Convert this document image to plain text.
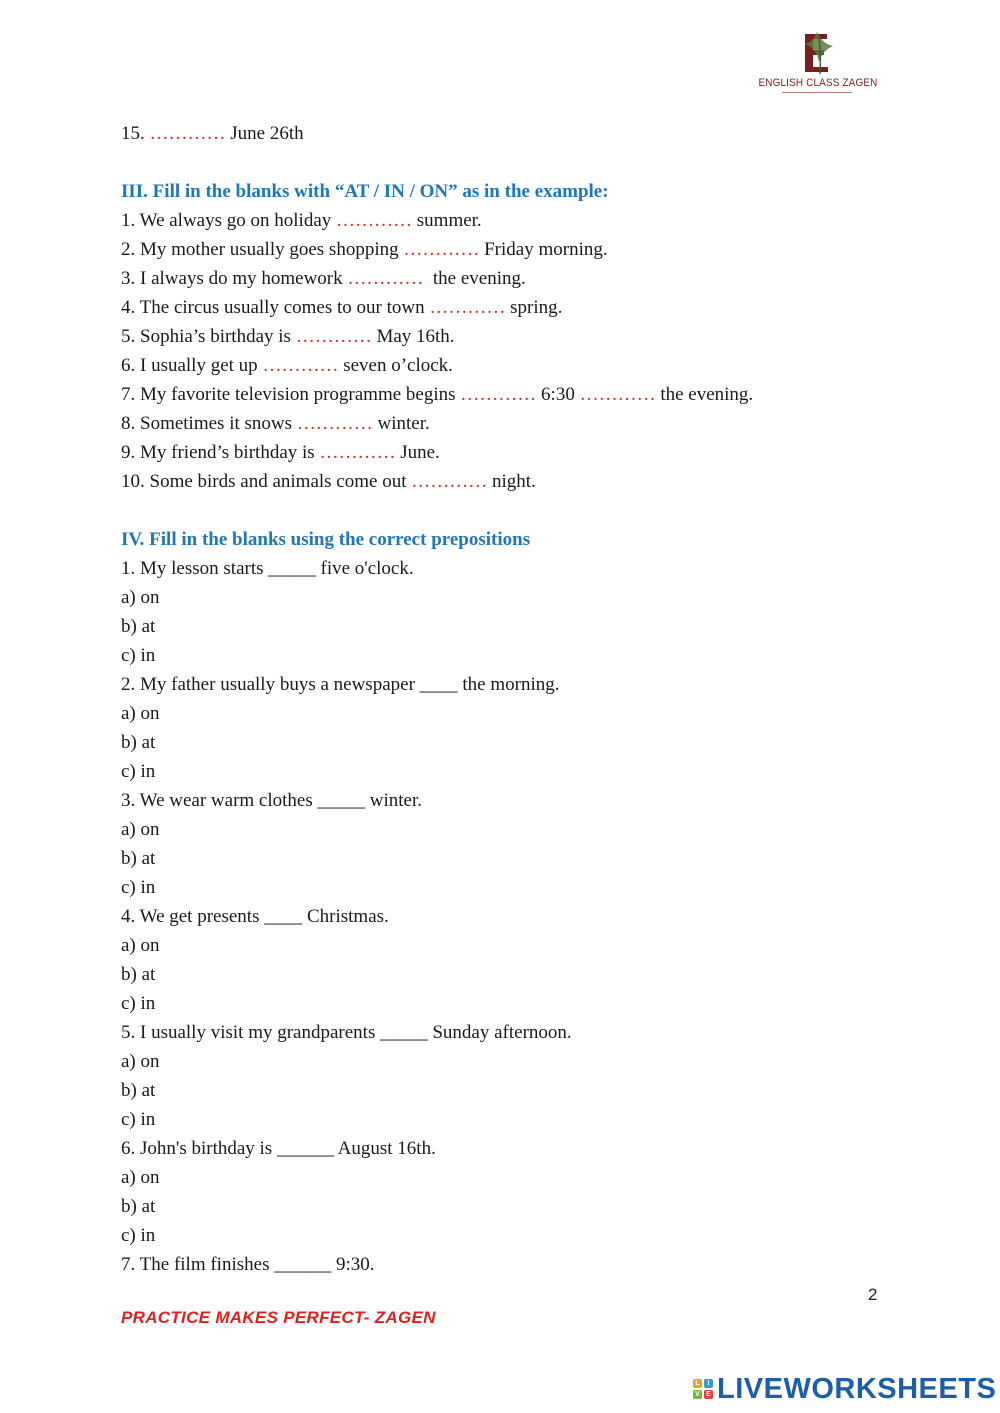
ENGLISH CLASS ZAGEN
15. ………… June 26th
III. Fill in the blanks with “AT / IN / ON” as in the example:
1. We always go on holiday ………… summer.
2. My mother usually goes shopping ………… Friday morning.
3. I always do my homework …………  the evening.
4. The circus usually comes to our town ………… spring.
5. Sophia’s birthday is ………… May 16th.
6. I usually get up ………… seven o’clock.
7. My favorite television programme begins ………… 6:30 ………… the evening.
8. Sometimes it snows ………… winter.
9. My friend’s birthday is ………… June.
10. Some birds and animals come out ………… night.
IV. Fill in the blanks using the correct prepositions
1. My lesson starts _____ five o'clock.
a) on
b) at
c) in
2. My father usually buys a newspaper ____ the morning.
a) on
b) at
c) in
3. We wear warm clothes _____ winter.
a) on
b) at
c) in
4. We get presents ____ Christmas.
a) on
b) at
c) in
5. I usually visit my grandparents _____ Sunday afternoon.
a) on
b) at
c) in
6. John's birthday is ______ August 16th.
a) on
b) at
c) in
7. The film finishes ______ 9:30.
2
PRACTICE MAKES PERFECT- ZAGEN
L	I
V E LIVEWORKSHEETS
